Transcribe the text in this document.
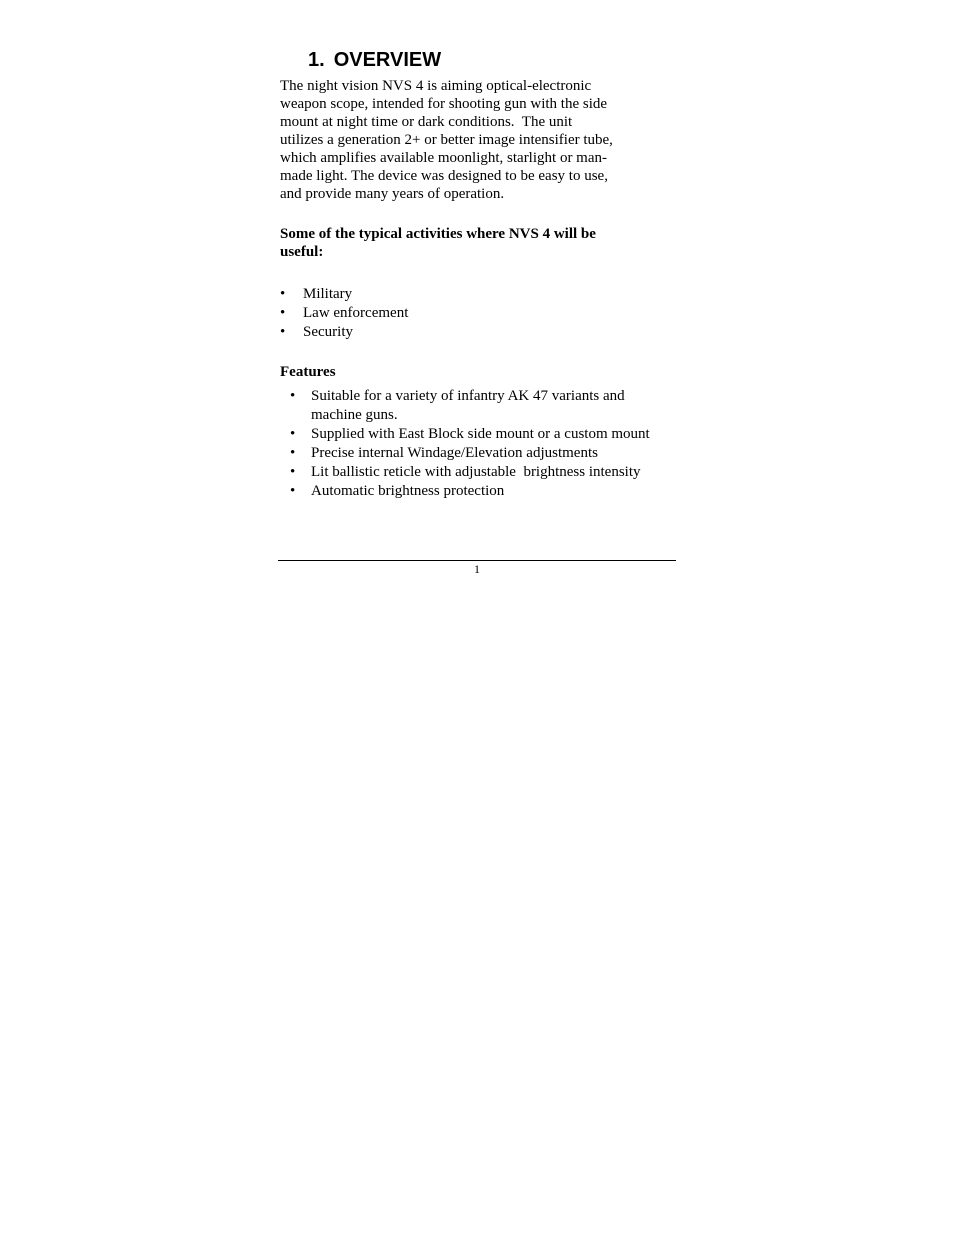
1. OVERVIEW

The night vision NVS 4 is aiming optical-electronic
weapon scope, intended for shooting gun with the side
mount at night time or dark conditions.  The unit
utilizes a generation 2+ or better image intensifier tube,
which amplifies available moonlight, starlight or man-
made light. The device was designed to be easy to use,
and provide many years of operation.

Some of the typical activities where NVS 4 will be
useful:

•	Military
•	Law enforcement
•	Security

Features

•	Suitable for a variety of infantry AK 47 variants and
machine guns.
•	Supplied with East Block side mount or a custom mount
•	Precise internal Windage/Elevation adjustments
•	Lit ballistic reticle with adjustable  brightness intensity
•	Automatic brightness protection
1
